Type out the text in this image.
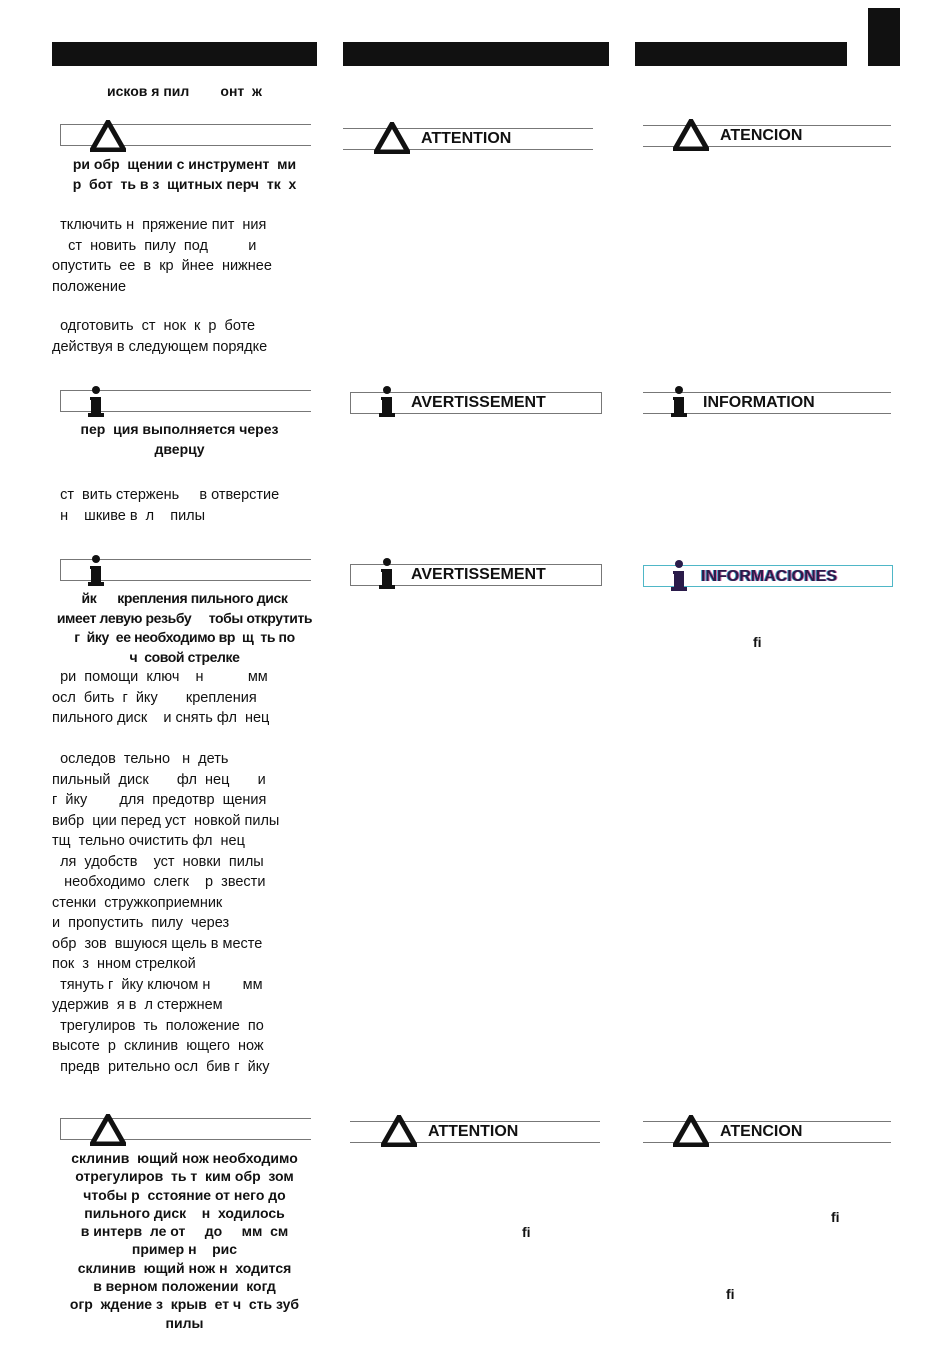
исков я пил        онт  ж
ри обр  щении с инструмент  ми
р  бот  ть в з  щитных перч  тк  х
тключить н  пряжение пит  ния
ст  новить  пилу  под          и
опустить  ее  в  кр  йнее  нижнее
положение
одготовить  ст  нок  к  р  боте
действуя в следующем порядке
пер  ция выполняется через
дверцу
ст  вить стержень     в отверстие
н    шкиве в  л    пилы
йк      крепления пильного диск
имеет левую резьбу     тобы открутить
г  йку  ее необходимо вр  щ  ть по
ч  совой стрелке
ри  помощи  ключ    н           мм
осл  бить  г  йку       крепления
пильного диск    и снять фл  нец
оследов  тельно   н  деть
пильный  диск       фл  нец       и
г  йку        для  предотвр  щения
вибр  ции перед уст  новкой пилы
тщ  тельно очистить фл  нец
ля  удобств    уст  новки  пилы
необходимо  слегк    р  звести
стенки  стружкоприемник
и  пропустить  пилу  через
обр  зов  вшуюся щель в месте
пок  з  нном стрелкой
тянуть г  йку ключом н        мм
удержив  я в  л стержнем
трегулиров  ть  положение  по
высоте  р  склинив  ющего  нож
предв  рительно осл  бив г  йку
склинив  ющий нож необходимо
отрегулиров  ть т  ким обр  зом
чтобы р  сстояние от него до
пильного диск    н  ходилось
в интерв  ле от     до     мм  см
пример н    рис
склинив  ющий нож н  ходится
в верном положении  когд
огр  ждение з  крыв  ет ч  сть зуб
пилы
ATTENTION
AVERTISSEMENT
AVERTISSEMENT
ATTENTION
fi
ATENCION
INFORMATION
INFORMACIONES
fi
ATENCION
fi
fi
